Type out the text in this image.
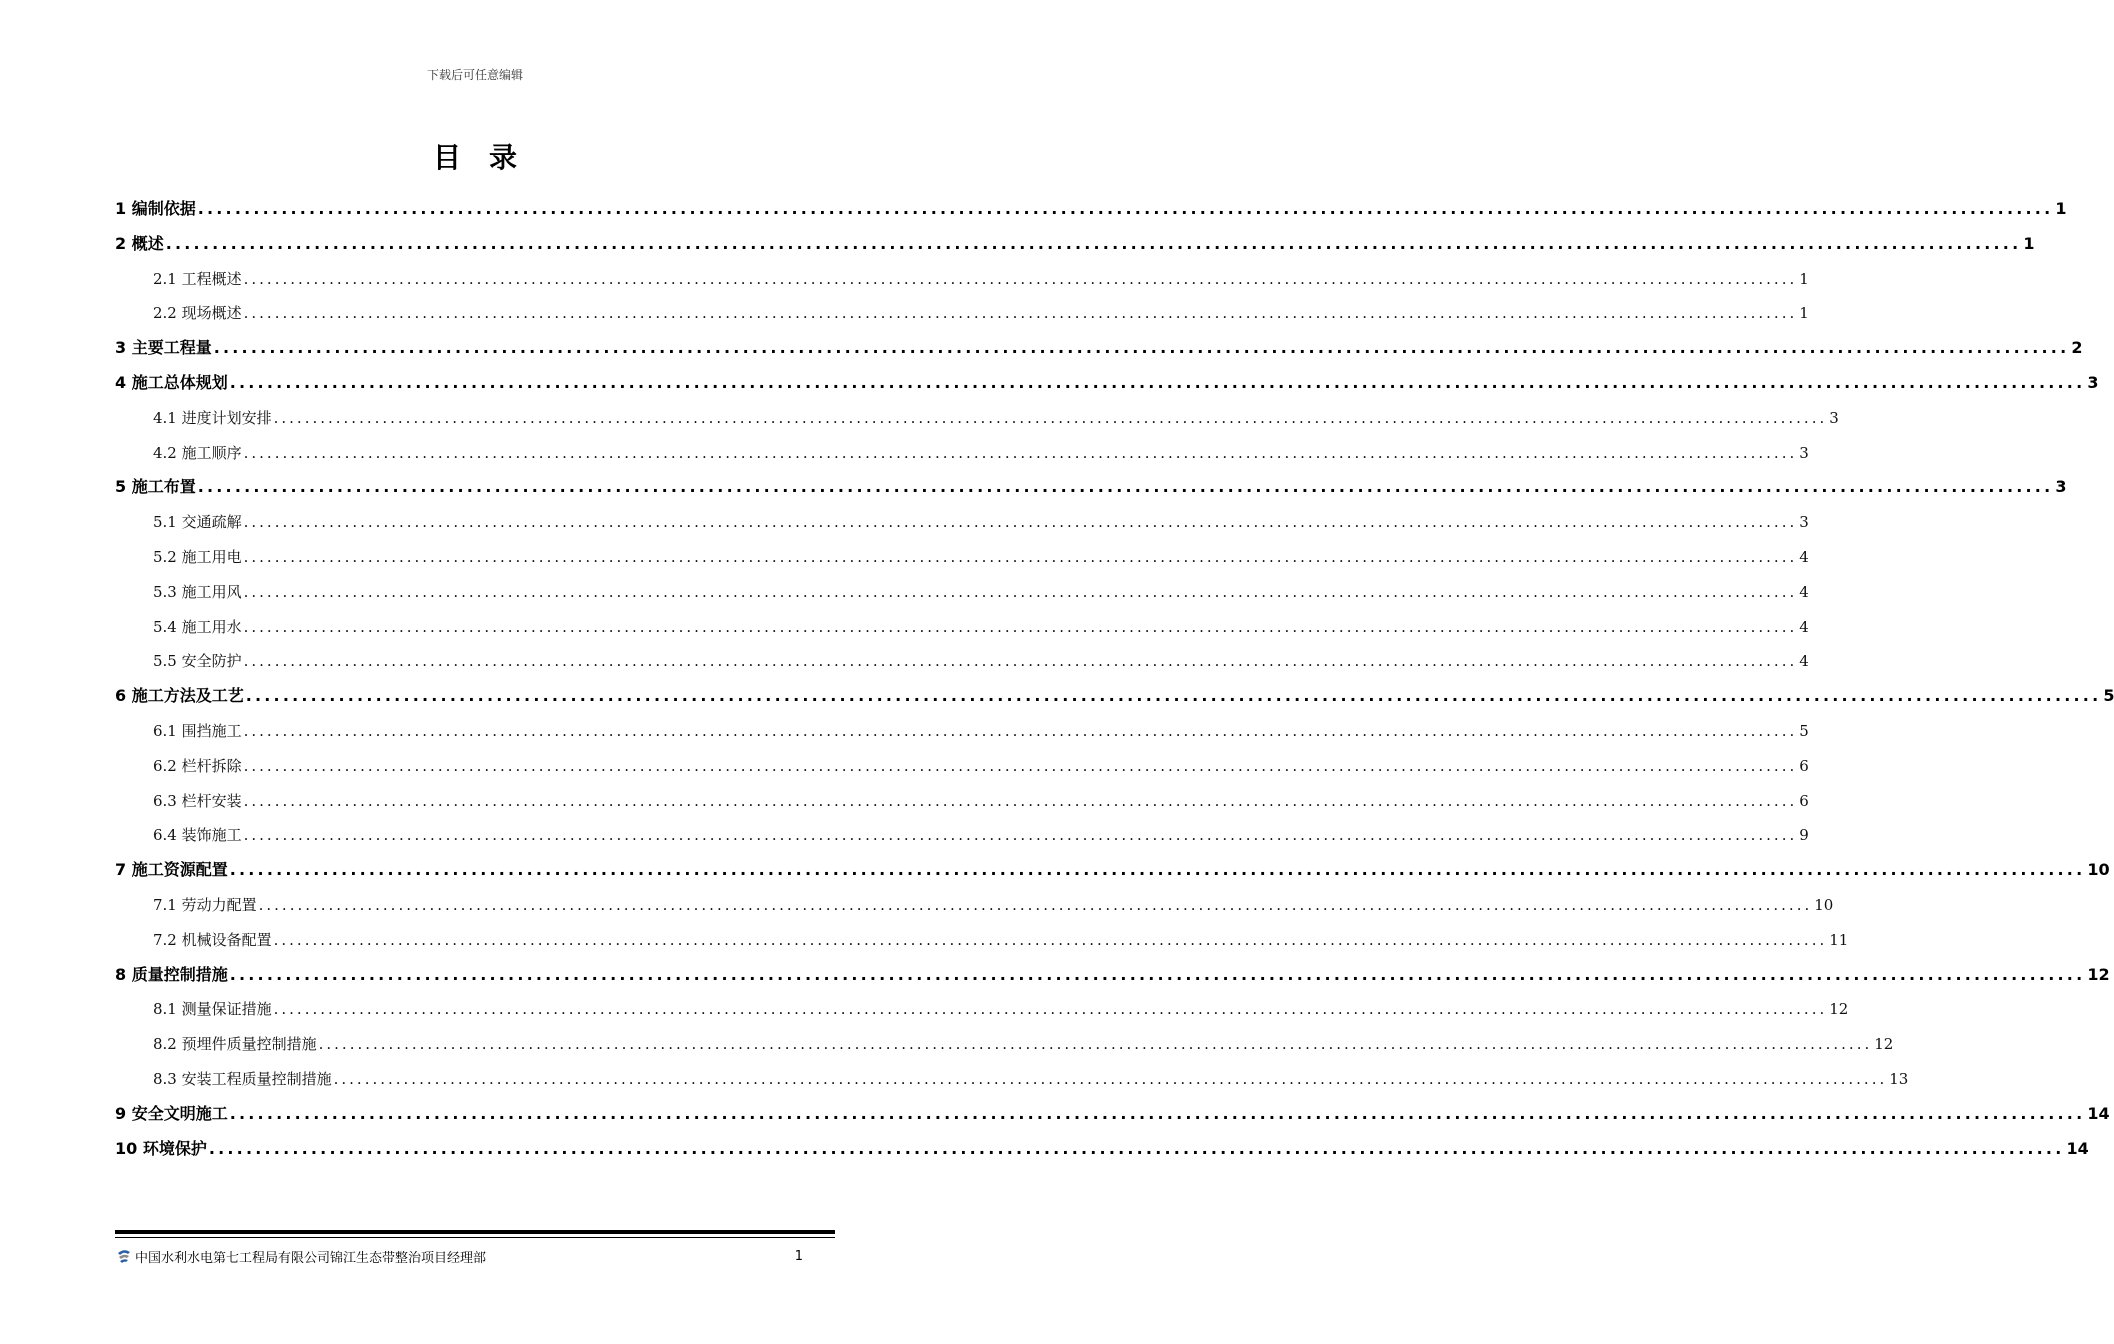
下载后可任意编辑
目录
1 编制依据 ........................................................................................................................................................................................................ 1
2 概述 ........................................................................................................................................................................................................ 1
2.1 工程概述 ........................................................................................................................................................................................................ 1
2.2 现场概述 ........................................................................................................................................................................................................ 1
3 主要工程量 ........................................................................................................................................................................................................ 2
4 施工总体规划 ........................................................................................................................................................................................................ 3
4.1 进度计划安排 ........................................................................................................................................................................................................ 3
4.2 施工顺序 ........................................................................................................................................................................................................ 3
5 施工布置 ........................................................................................................................................................................................................ 3
5.1 交通疏解 ........................................................................................................................................................................................................ 3
5.2 施工用电 ........................................................................................................................................................................................................ 4
5.3 施工用风 ........................................................................................................................................................................................................ 4
5.4 施工用水 ........................................................................................................................................................................................................ 4
5.5 安全防护 ........................................................................................................................................................................................................ 4
6 施工方法及工艺 ........................................................................................................................................................................................................ 5
6.1 围挡施工 ........................................................................................................................................................................................................ 5
6.2 栏杆拆除 ........................................................................................................................................................................................................ 6
6.3 栏杆安装 ........................................................................................................................................................................................................ 6
6.4 装饰施工 ........................................................................................................................................................................................................ 9
7 施工资源配置 ........................................................................................................................................................................................................ 10
7.1 劳动力配置 ........................................................................................................................................................................................................ 10
7.2 机械设备配置 ........................................................................................................................................................................................................ 11
8 质量控制措施 ........................................................................................................................................................................................................ 12
8.1 测量保证措施 ........................................................................................................................................................................................................ 12
8.2 预埋件质量控制措施 ........................................................................................................................................................................................................ 12
8.3 安装工程质量控制措施 ........................................................................................................................................................................................................ 13
9 安全文明施工 ........................................................................................................................................................................................................ 14
10 环境保护 ........................................................................................................................................................................................................ 14
中国水利水电第七工程局有限公司锦江生态带整治项目经理部	1
